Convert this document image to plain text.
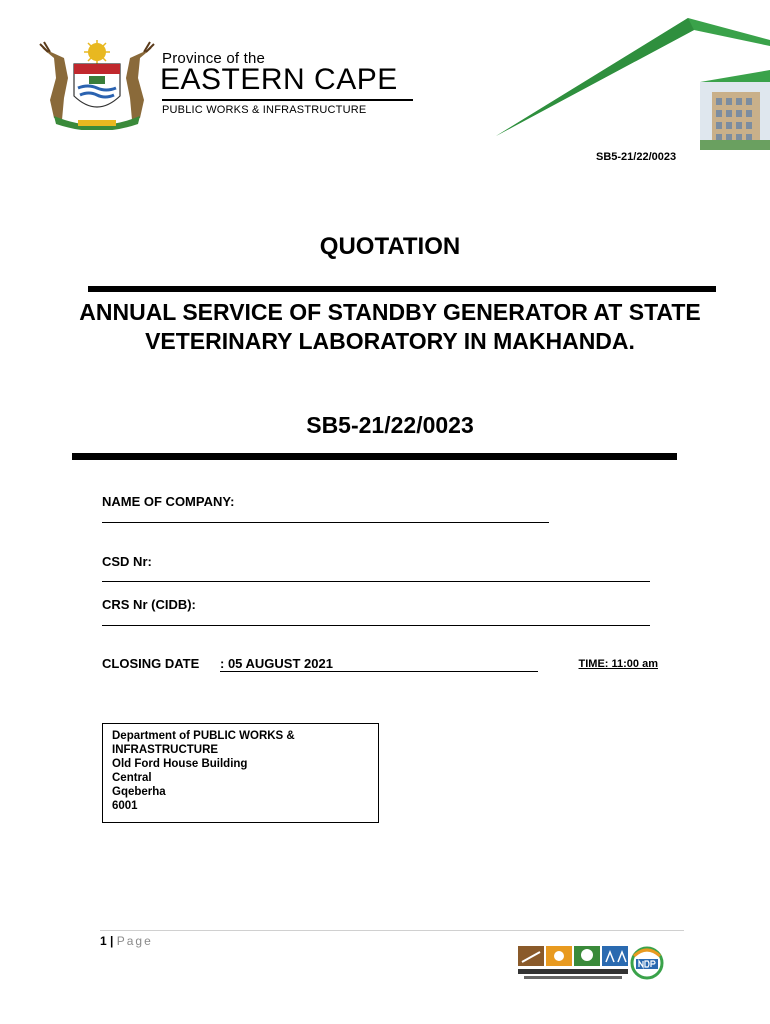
Province of the
EASTERN CAPE
PUBLIC WORKS & INFRASTRUCTURE
SB5-21/22/0023
QUOTATION
ANNUAL SERVICE OF STANDBY GENERATOR AT STATE VETERINARY LABORATORY IN MAKHANDA.
SB5-21/22/0023
NAME OF COMPANY:
CSD Nr:
CRS Nr (CIDB):
CLOSING DATE : 05 AUGUST 2021	TIME: 11:00 am
Department of PUBLIC WORKS &
INFRASTRUCTURE
Old Ford House Building
Central
Gqeberha
6001
1 | Page
